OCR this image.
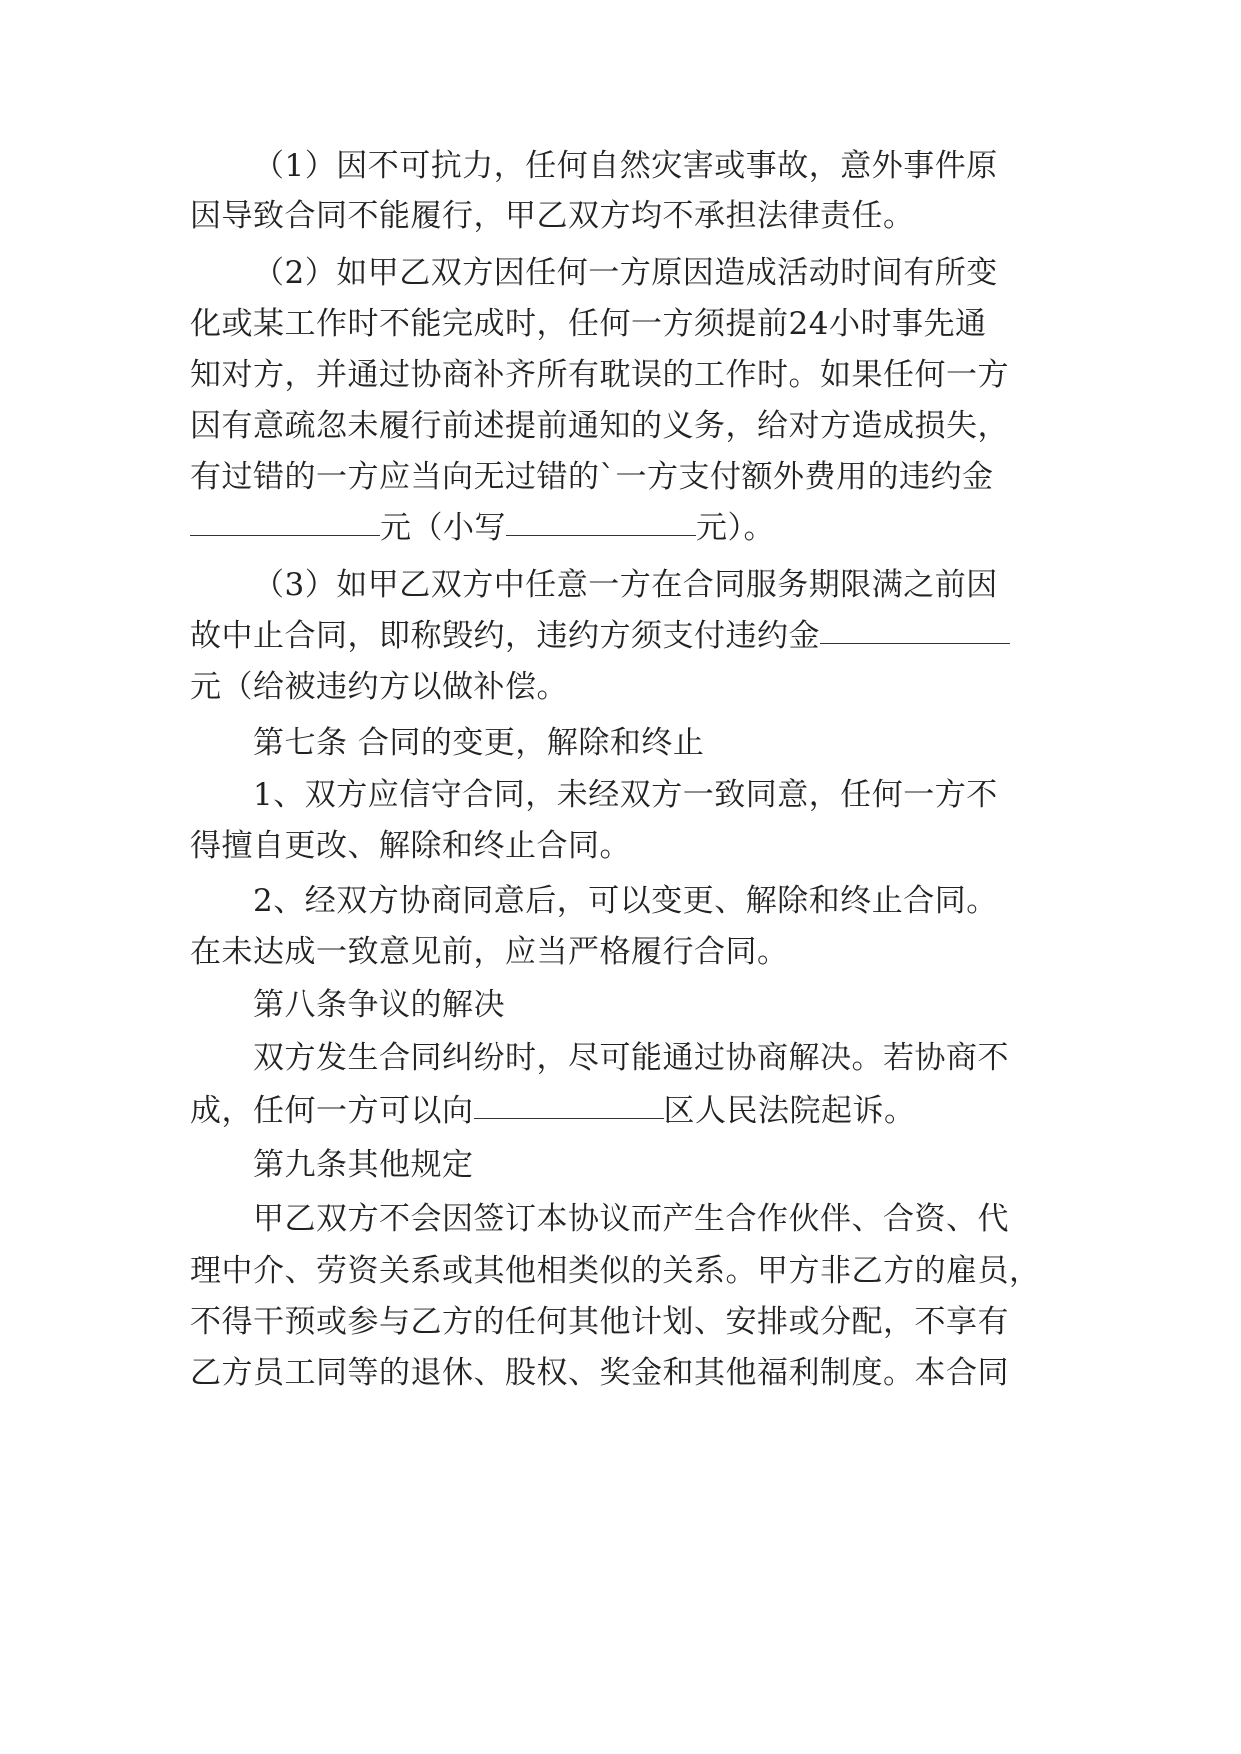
（1）因不可抗力，任何自然灾害或事故，意外事件原
因导致合同不能履行，甲乙双方均不承担法律责任。
（2）如甲乙双方因任何一方原因造成活动时间有所变
化或某工作时不能完成时，任何一方须提前24小时事先通
知对方，并通过协商补齐所有耽误的工作时。如果任何一方
因有意疏忽未履行前述提前通知的义务，给对方造成损失，
有过错的一方应当向无过错的`一方支付额外费用的违约金
元（小写	元）。
（3）如甲乙双方中任意一方在合同服务期限满之前因
故中止合同，即称毁约，违约方须支付违约金
元（给被违约方以做补偿。
第七条 合同的变更，解除和终止
1、双方应信守合同，未经双方一致同意，任何一方不
得擅自更改、解除和终止合同。
2、经双方协商同意后，可以变更、解除和终止合同。
在未达成一致意见前，应当严格履行合同。
第八条争议的解决
双方发生合同纠纷时，尽可能通过协商解决。若协商不
成，任何一方可以向	区人民法院起诉。
第九条其他规定
甲乙双方不会因签订本协议而产生合作伙伴、合资、代
理中介、劳资关系或其他相类似的关系。甲方非乙方的雇员，
不得干预或参与乙方的任何其他计划、安排或分配，不享有
乙方员工同等的退休、股权、奖金和其他福利制度。本合同
